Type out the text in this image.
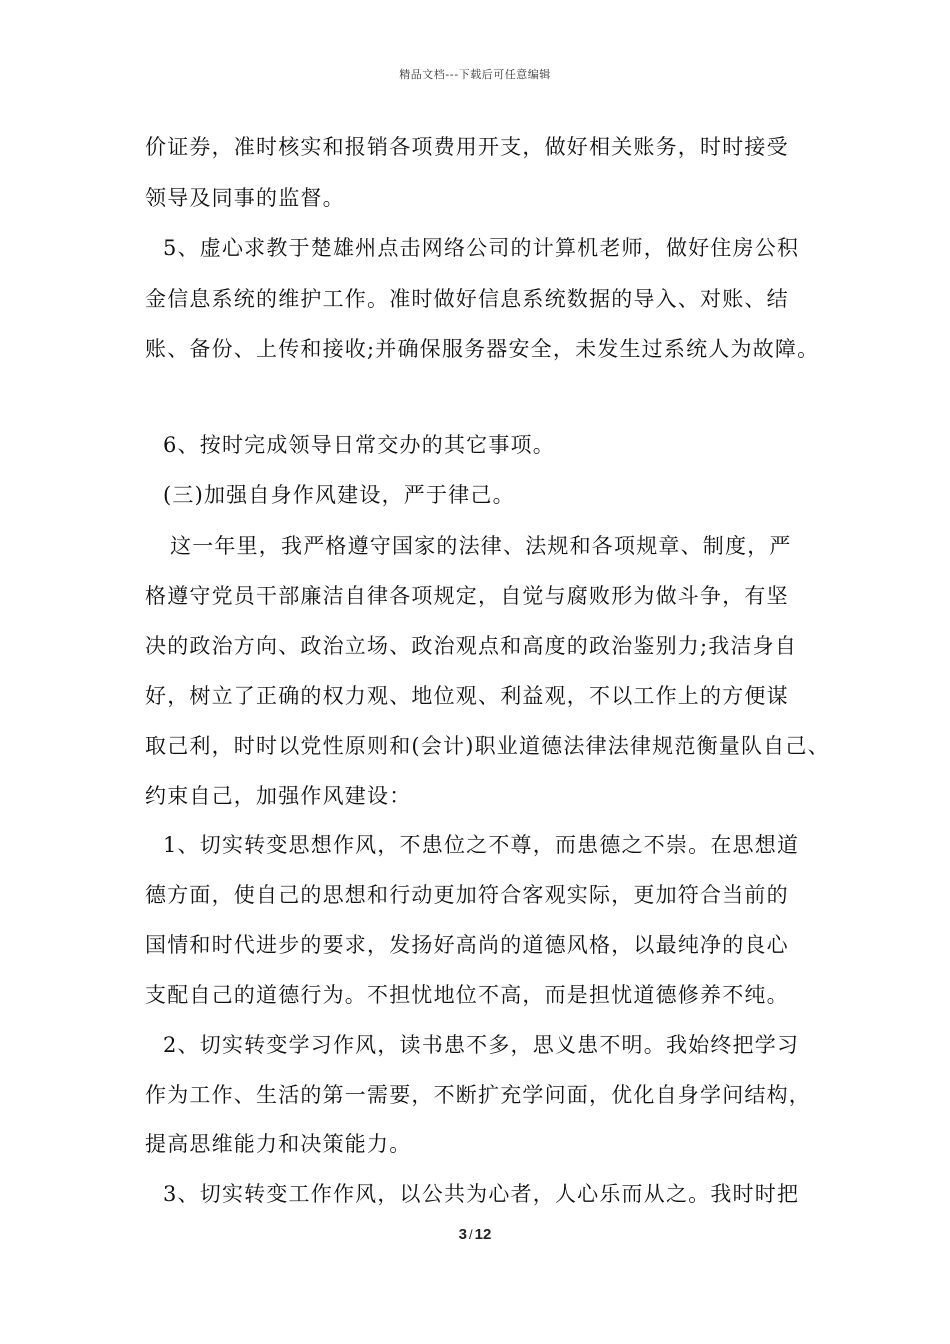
精品文档---下载后可任意编辑
价证券，准时核实和报销各项费用开支，做好相关账务，时时接受
领导及同事的监督。
5、虚心求教于楚雄州点击网络公司的计算机老师，做好住房公积
金信息系统的维护工作。准时做好信息系统数据的导入、对账、结
账、备份、上传和接收;并确保服务器安全，未发生过系统人为故障。
6、按时完成领导日常交办的其它事项。
(三)加强自身作风建设，严于律己。
这一年里，我严格遵守国家的法律、法规和各项规章、制度，严
格遵守党员干部廉洁自律各项规定，自觉与腐败形为做斗争，有坚
决的政治方向、政治立场、政治观点和高度的政治鉴别力;我洁身自
好，树立了正确的权力观、地位观、利益观，不以工作上的方便谋
取己利，时时以党性原则和(会计)职业道德法律法律规范衡量队自己、
约束自己，加强作风建设：
1、切实转变思想作风，不患位之不尊，而患德之不崇。在思想道
德方面，使自己的思想和行动更加符合客观实际，更加符合当前的
国情和时代进步的要求，发扬好高尚的道德风格，以最纯净的良心
支配自己的道德行为。不担忧地位不高，而是担忧道德修养不纯。
2、切实转变学习作风，读书患不多，思义患不明。我始终把学习
作为工作、生活的第一需要，不断扩充学问面，优化自身学问结构，
提高思维能力和决策能力。
3、切实转变工作作风，以公共为心者，人心乐而从之。我时时把
3 / 12
